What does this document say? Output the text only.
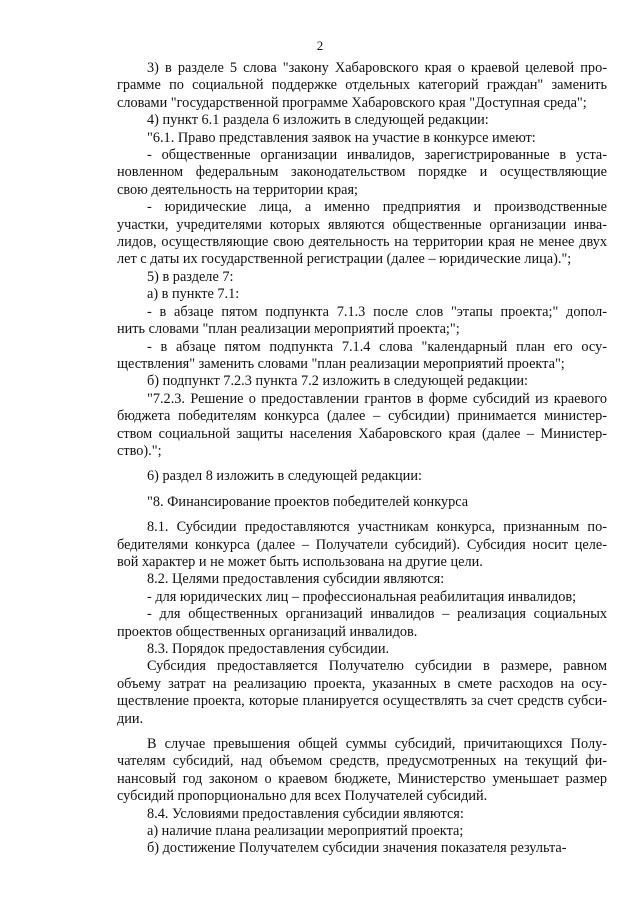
2
3) в разделе 5 слова "закону Хабаровского края о краевой целевой про-
грамме по социальной поддержке отдельных категорий граждан" заменить
словами "государственной программе Хабаровского края "Доступная среда";
4) пункт 6.1 раздела 6 изложить в следующей редакции:
"6.1. Право представления заявок на участие в конкурсе имеют:
- общественные организации инвалидов, зарегистрированные в уста-
новленном федеральным законодательством порядке и осуществляющие
свою деятельность на территории края;
- юридические лица, а именно предприятия и производственные
участки, учредителями которых являются общественные организации инва-
лидов, осуществляющие свою деятельность на территории края не менее двух
лет с даты их государственной регистрации (далее – юридические лица).";
5) в разделе 7:
а) в пункте 7.1:
- в абзаце пятом подпункта 7.1.3 после слов "этапы проекта;" допол-
нить словами "план реализации мероприятий проекта;";
- в абзаце пятом подпункта 7.1.4 слова "календарный план его осу-
ществления" заменить словами "план реализации мероприятий проекта";
б) подпункт 7.2.3 пункта 7.2 изложить в следующей редакции:
"7.2.3. Решение о предоставлении грантов в форме субсидий из краевого
бюджета победителям конкурса (далее – субсидии) принимается министер-
ством социальной защиты населения Хабаровского края (далее – Министер-
ство).";
6) раздел 8 изложить в следующей редакции:
"8. Финансирование проектов победителей конкурса
8.1. Субсидии предоставляются участникам конкурса, признанным по-
бедителями конкурса (далее – Получатели субсидий). Субсидия носит целе-
вой характер и не может быть использована на другие цели.
8.2. Целями предоставления субсидии являются:
- для юридических лиц – профессиональная реабилитация инвалидов;
- для общественных организаций инвалидов – реализация социальных
проектов общественных организаций инвалидов.
8.3. Порядок предоставления субсидии.
Субсидия предоставляется Получателю субсидии в размере, равном
объему затрат на реализацию проекта, указанных в смете расходов на осу-
ществление проекта, которые планируется осуществлять за счет средств субси-
дии.
В случае превышения общей суммы субсидий, причитающихся Полу-
чателям субсидий, над объемом средств, предусмотренных на текущий фи-
нансовый год законом о краевом бюджете, Министерство уменьшает размер
субсидий пропорционально для всех Получателей субсидий.
8.4. Условиями предоставления субсидии являются:
а) наличие плана реализации мероприятий проекта;
б) достижение Получателем субсидии значения показателя результа-
